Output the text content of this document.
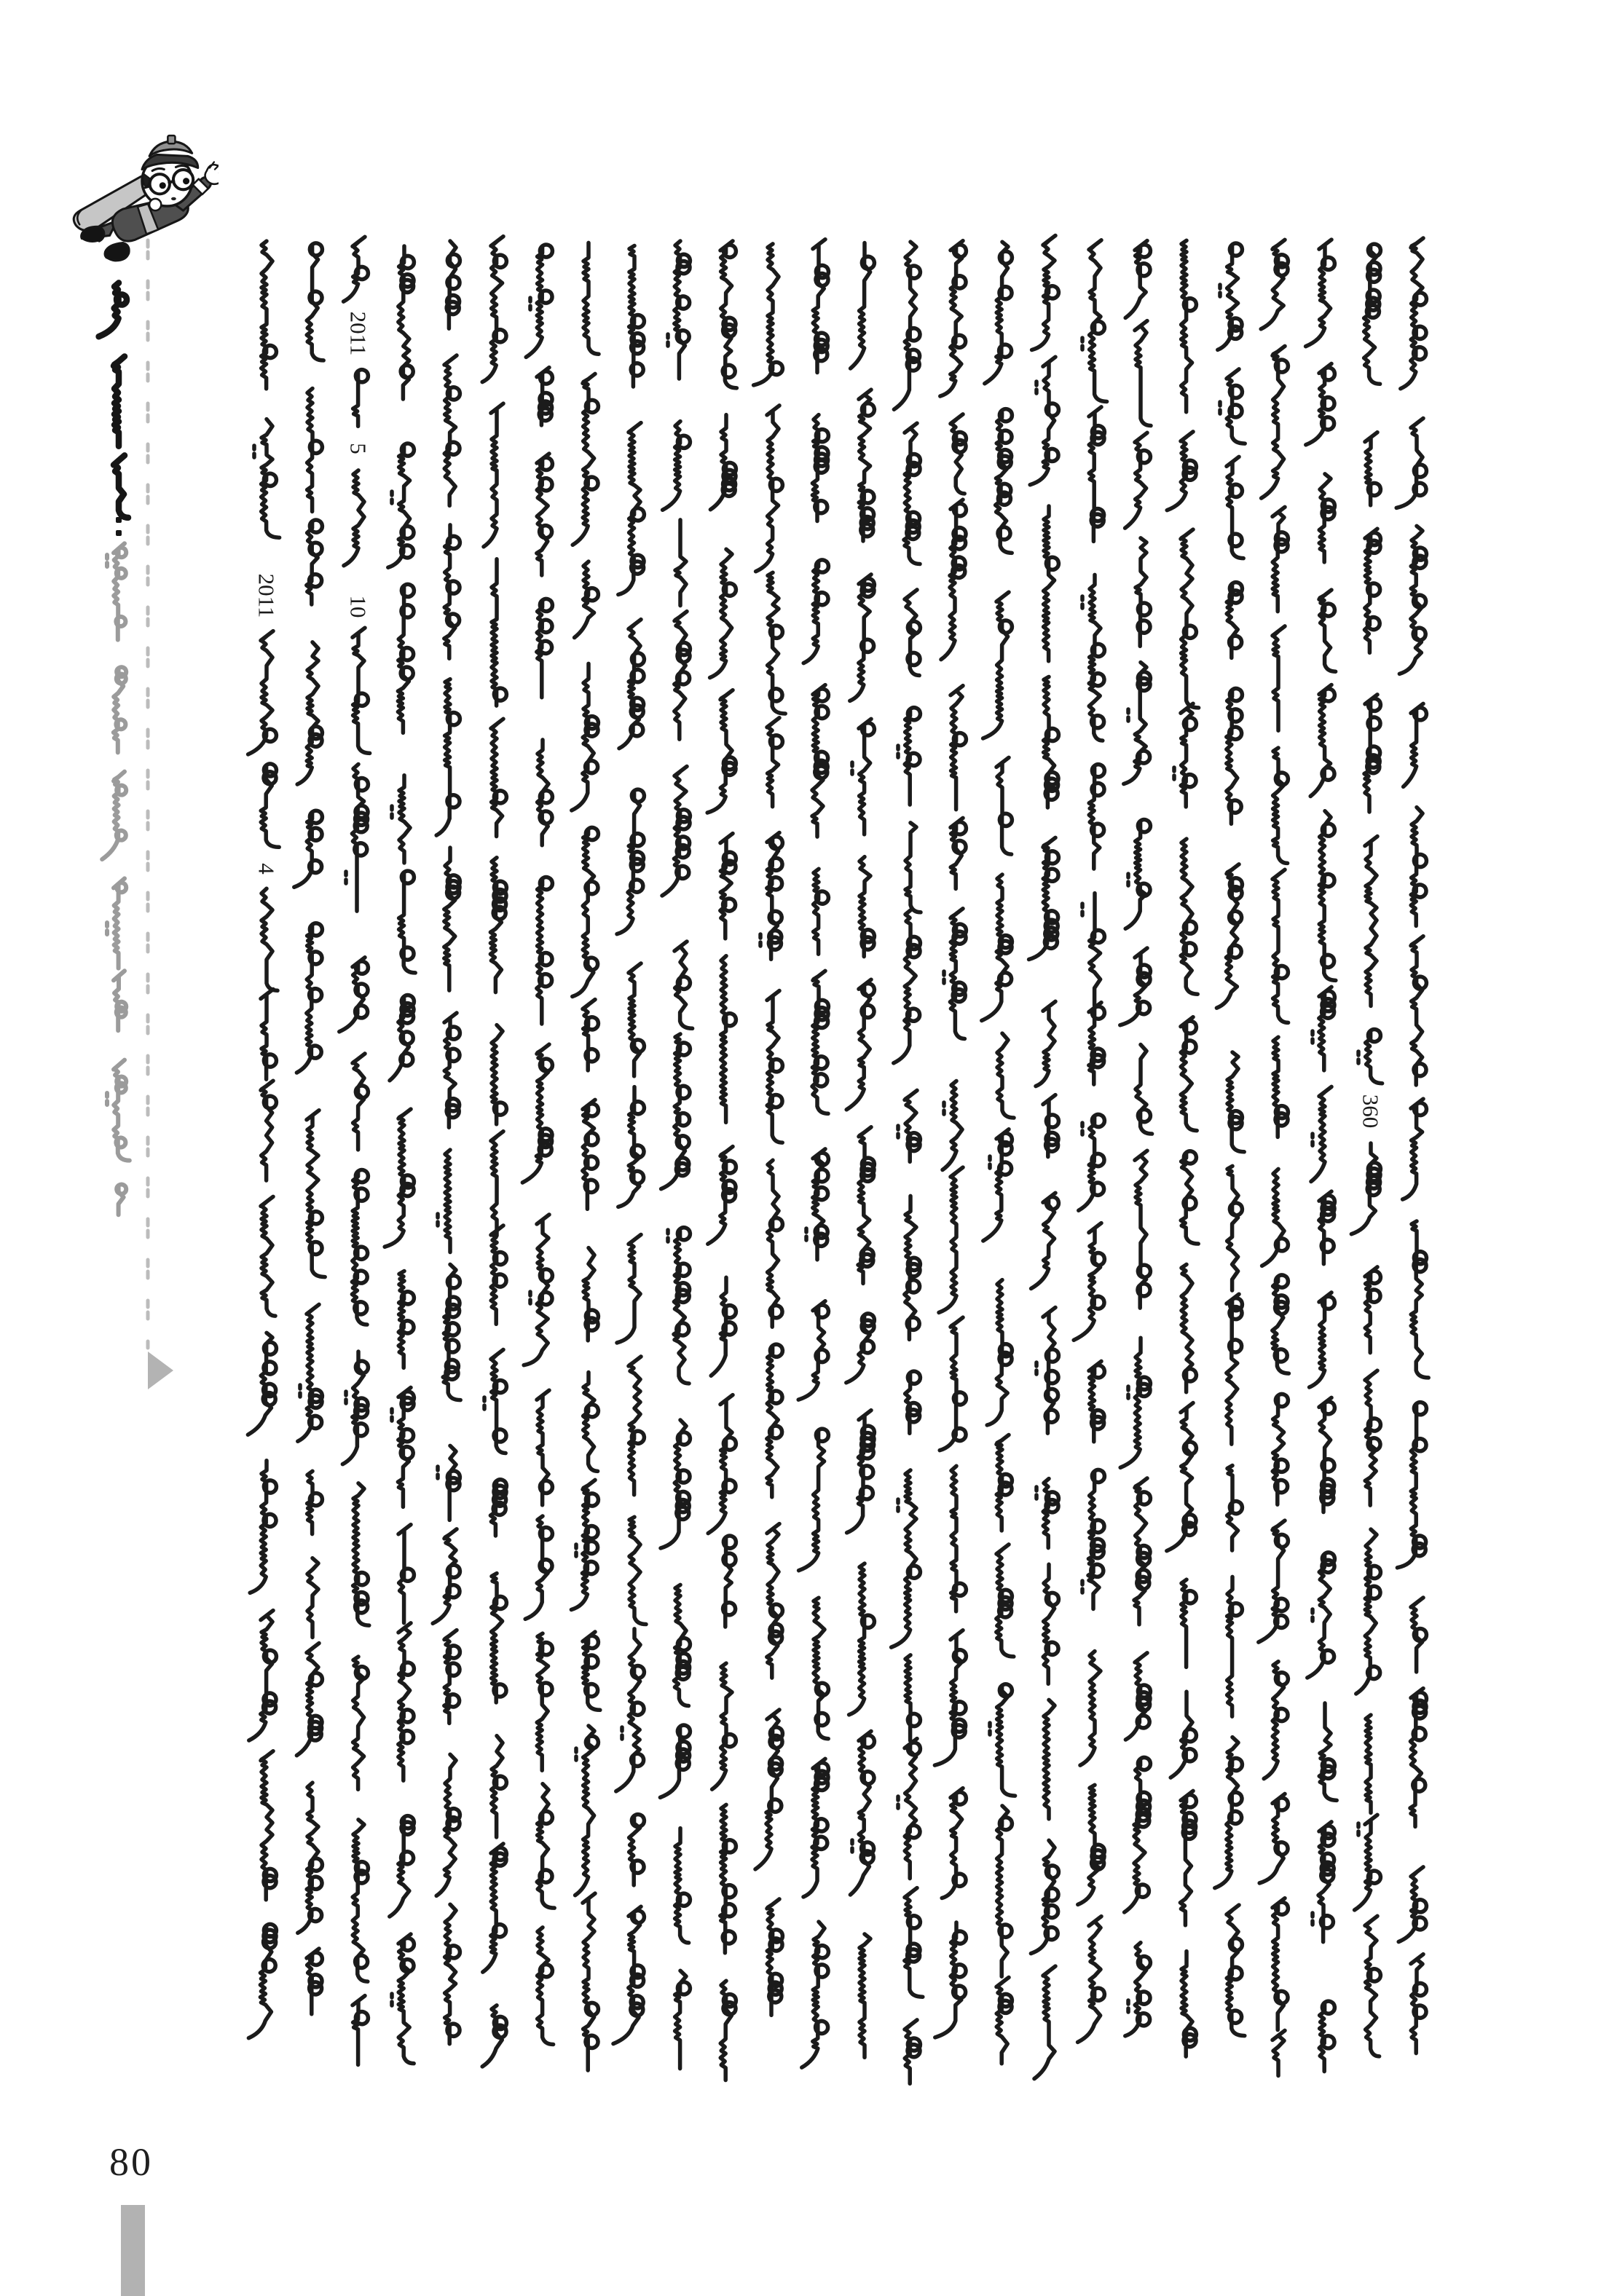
2011
4
2011
5
10
360
80
